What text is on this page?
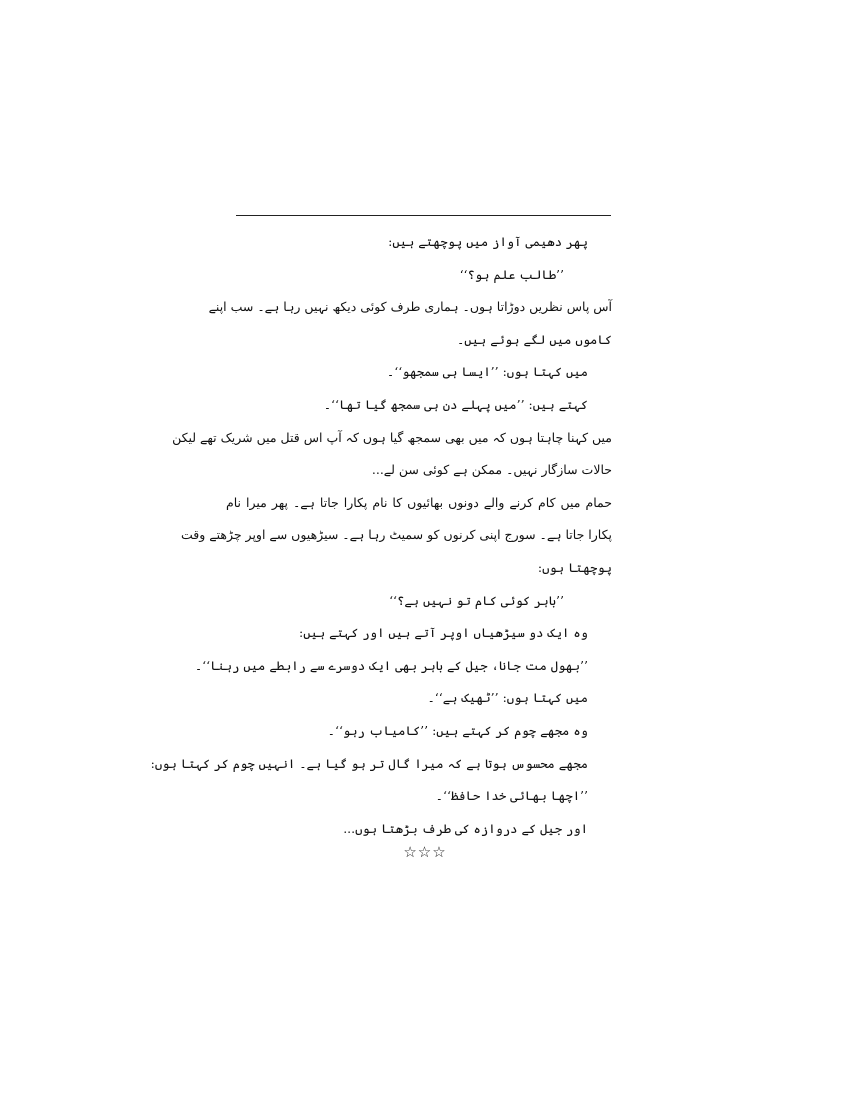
پھر دھیمی آواز میں پوچھتے ہیں:
’’طالب علم ہو؟‘‘
آس پاس نظریں دوڑاتا ہوں۔ ہماری طرف کوئی دیکھ نہیں رہا ہے۔ سب اپنے
کاموں میں لگے ہوئے ہیں۔
میں کہتا ہوں: ’’ایسا ہی سمجھو‘‘۔
کہتے ہیں: ’’میں پہلے دن ہی سمجھ گیا تھا‘‘۔
میں کہنا چاہتا ہوں کہ میں بھی سمجھ گیا ہوں کہ آپ اس قتل میں شریک تھے لیکن
حالات سازگار نہیں۔ ممکن ہے کوئی سن لے...
حمام میں کام کرنے والے دونوں بھائیوں کا نام پکارا جاتا ہے۔ پھر میرا نام
پکارا جاتا ہے۔ سورج اپنی کرنوں کو سمیٹ رہا ہے۔ سیڑھیوں سے اوپر چڑھتے وقت
پوچھتا ہوں:
’’باہر کوئی کام تو نہیں ہے؟‘‘
وہ ایک دو سیڑھیاں اوپر آتے ہیں اور کہتے ہیں:
’’بھول مت جانا، جیل کے باہر بھی ایک دوسرے سے رابطے میں رہنا‘‘۔
میں کہتا ہوں: ’’ٹھیک ہے‘‘۔
وہ مجھے چوم کر کہتے ہیں: ’’کامیاب رہو‘‘۔
مجھے محسوس ہوتا ہے کہ میرا گال تر ہو گیا ہے۔ انہیں چوم کر کہتا ہوں:
’’اچھا بھائی خدا حافظ‘‘۔
اور جیل کے دروازہ کی طرف بڑھتا ہوں...
☆☆☆
